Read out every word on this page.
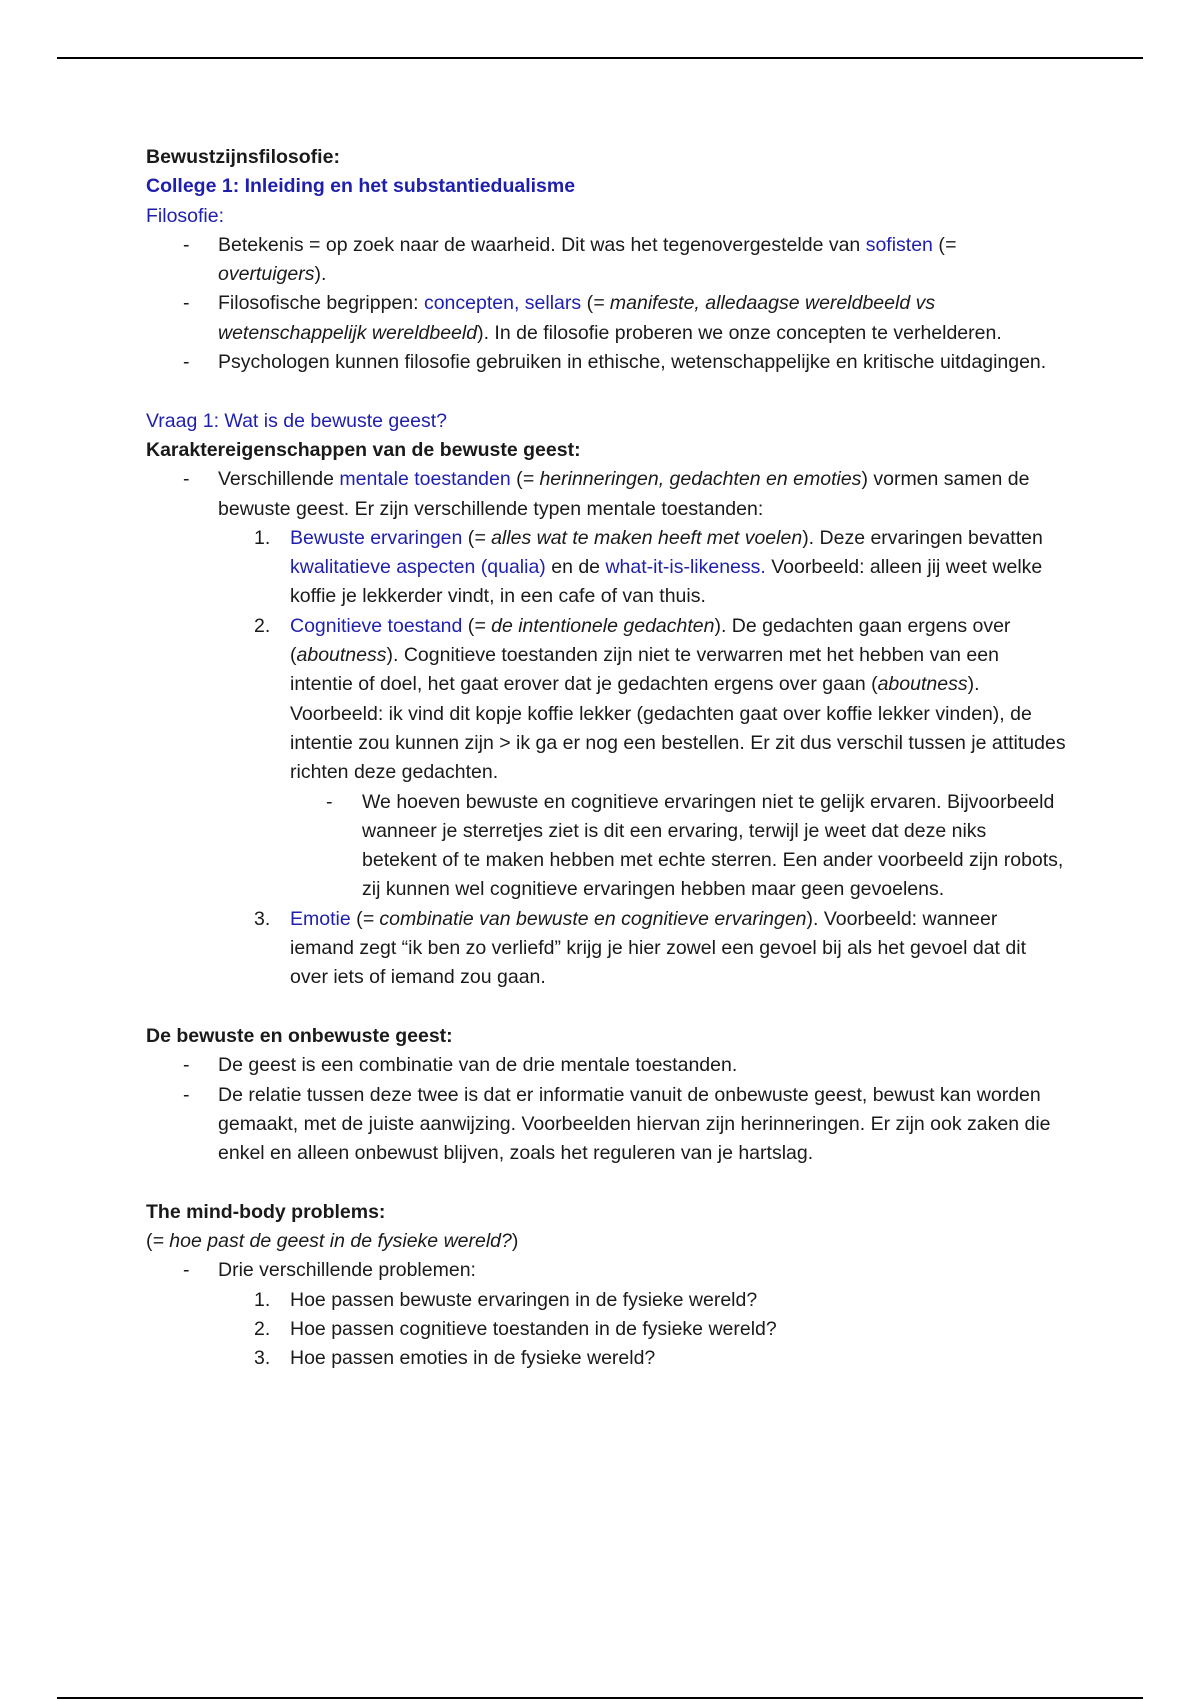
Bewustzijnsfilosofie:

College 1: Inleiding en het substantiedualisme

Filosofie:

- Betekenis = op zoek naar de waarheid. Dit was het tegenovergestelde van sofisten (= overtuigers).
- Filosofische begrippen: concepten, sellars (= manifeste, alledaagse wereldbeeld vs wetenschappelijk wereldbeeld). In de filosofie proberen we onze concepten te verhelderen.
- Psychologen kunnen filosofie gebruiken in ethische, wetenschappelijke en kritische uitdagingen.

Vraag 1: Wat is de bewuste geest?

Karaktereigenschappen van de bewuste geest:

- Verschillende mentale toestanden (= herinneringen, gedachten en emoties) vormen samen de bewuste geest. Er zijn verschillende typen mentale toestanden:
1. Bewuste ervaringen (= alles wat te maken heeft met voelen). Deze ervaringen bevatten kwalitatieve aspecten (qualia) en de what-it-is-likeness. Voorbeeld: alleen jij weet welke koffie je lekkerder vindt, in een cafe of van thuis.
2. Cognitieve toestand (= de intentionele gedachten). De gedachten gaan ergens over (aboutness). Cognitieve toestanden zijn niet te verwarren met het hebben van een intentie of doel, het gaat erover dat je gedachten ergens over gaan (aboutness). Voorbeeld: ik vind dit kopje koffie lekker (gedachten gaat over koffie lekker vinden), de intentie zou kunnen zijn > ik ga er nog een bestellen. Er zit dus verschil tussen je attitudes richten deze gedachten.
- We hoeven bewuste en cognitieve ervaringen niet te gelijk ervaren. Bijvoorbeeld wanneer je sterretjes ziet is dit een ervaring, terwijl je weet dat deze niks betekent of te maken hebben met echte sterren. Een ander voorbeeld zijn robots, zij kunnen wel cognitieve ervaringen hebben maar geen gevoelens.
3. Emotie (= combinatie van bewuste en cognitieve ervaringen). Voorbeeld: wanneer iemand zegt “ik ben zo verliefd” krijg je hier zowel een gevoel bij als het gevoel dat dit over iets of iemand zou gaan.

De bewuste en onbewuste geest:

- De geest is een combinatie van de drie mentale toestanden.
- De relatie tussen deze twee is dat er informatie vanuit de onbewuste geest, bewust kan worden gemaakt, met de juiste aanwijzing. Voorbeelden hiervan zijn herinneringen. Er zijn ook zaken die enkel en alleen onbewust blijven, zoals het reguleren van je hartslag.

The mind-body problems:

(= hoe past de geest in de fysieke wereld?)

- Drie verschillende problemen:
1. Hoe passen bewuste ervaringen in de fysieke wereld?
2. Hoe passen cognitieve toestanden in de fysieke wereld?
3. Hoe passen emoties in de fysieke wereld?
